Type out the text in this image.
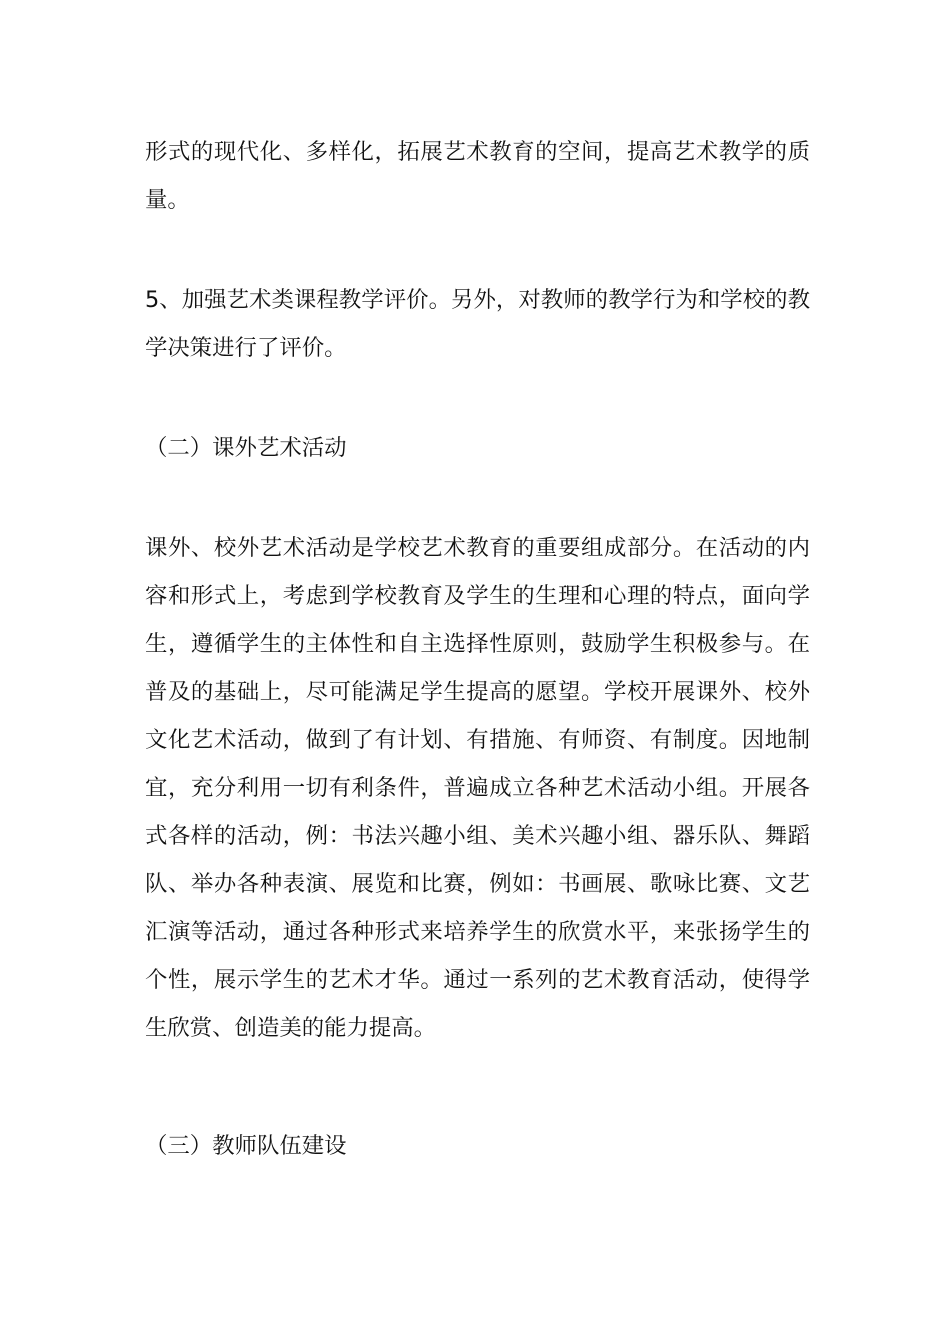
形式的现代化、多样化，拓展艺术教育的空间，提高艺术教学的质
量。
5、加强艺术类课程教学评价。另外，对教师的教学行为和学校的教
学决策进行了评价。
（二）课外艺术活动
课外、校外艺术活动是学校艺术教育的重要组成部分。在活动的内
容和形式上，考虑到学校教育及学生的生理和心理的特点，面向学
生，遵循学生的主体性和自主选择性原则，鼓励学生积极参与。在
普及的基础上，尽可能满足学生提高的愿望。学校开展课外、校外
文化艺术活动，做到了有计划、有措施、有师资、有制度。因地制
宜，充分利用一切有利条件，普遍成立各种艺术活动小组。开展各
式各样的活动，例：书法兴趣小组、美术兴趣小组、器乐队、舞蹈
队、举办各种表演、展览和比赛，例如：书画展、歌咏比赛、文艺
汇演等活动，通过各种形式来培养学生的欣赏水平，来张扬学生的
个性，展示学生的艺术才华。通过一系列的艺术教育活动，使得学
生欣赏、创造美的能力提高。
（三）教师队伍建设
